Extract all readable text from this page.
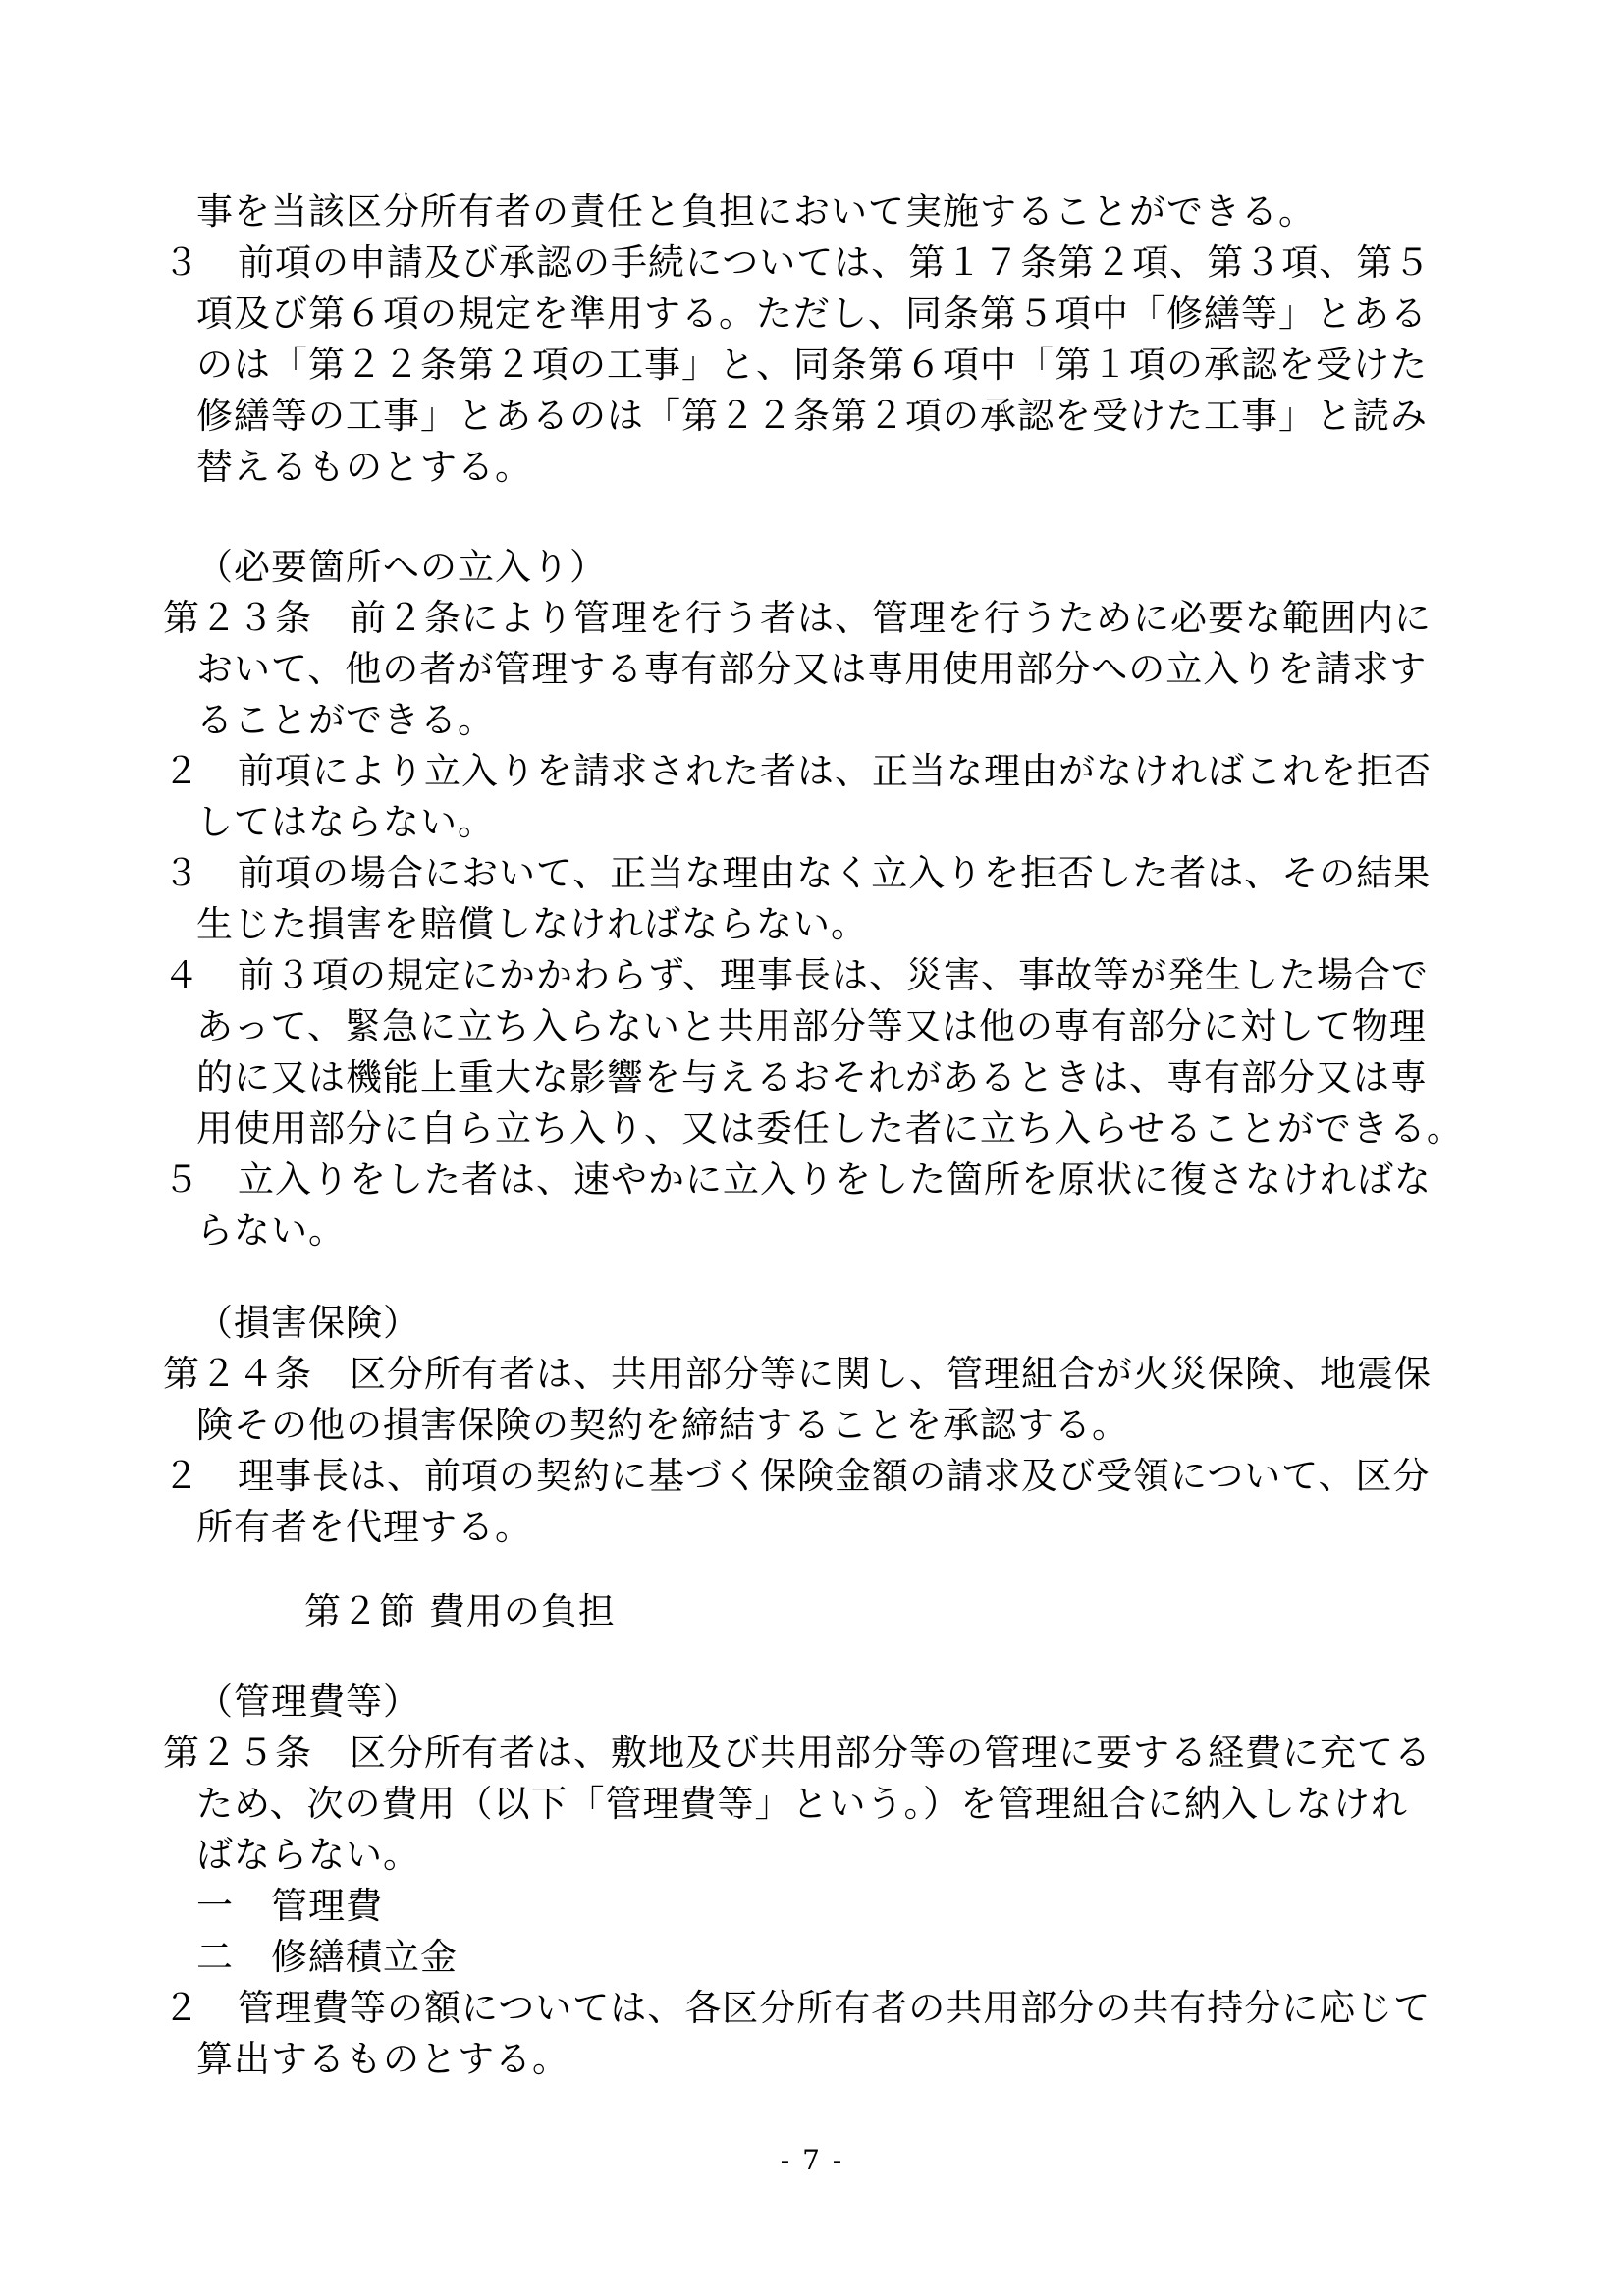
事を当該区分所有者の責任と負担において実施することができる。
３　前項の申請及び承認の手続については、第１７条第２項、第３項、第５
項及び第６項の規定を準用する。ただし、同条第５項中「修繕等」とある
のは「第２２条第２項の工事」と、同条第６項中「第１項の承認を受けた
修繕等の工事」とあるのは「第２２条第２項の承認を受けた工事」と読み
替えるものとする。
（必要箇所への立入り）
第２３条　前２条により管理を行う者は、管理を行うために必要な範囲内に
おいて、他の者が管理する専有部分又は専用使用部分への立入りを請求す
ることができる。
２　前項により立入りを請求された者は、正当な理由がなければこれを拒否
してはならない。
３　前項の場合において、正当な理由なく立入りを拒否した者は、その結果
生じた損害を賠償しなければならない。
４　前３項の規定にかかわらず、理事長は、災害、事故等が発生した場合で
あって、緊急に立ち入らないと共用部分等又は他の専有部分に対して物理
的に又は機能上重大な影響を与えるおそれがあるときは、専有部分又は専
用使用部分に自ら立ち入り、又は委任した者に立ち入らせることができる。
５　立入りをした者は、速やかに立入りをした箇所を原状に復さなければな
らない。
（損害保険）
第２４条　区分所有者は、共用部分等に関し、管理組合が火災保険、地震保
険その他の損害保険の契約を締結することを承認する。
２　理事長は、前項の契約に基づく保険金額の請求及び受領について、区分
所有者を代理する。
第２節 費用の負担
（管理費等）
第２５条　区分所有者は、敷地及び共用部分等の管理に要する経費に充てる
ため、次の費用（以下「管理費等」という。）を管理組合に納入しなけれ
ばならない。
一　管理費
二　修繕積立金
２　管理費等の額については、各区分所有者の共用部分の共有持分に応じて
算出するものとする。
- 7 -
